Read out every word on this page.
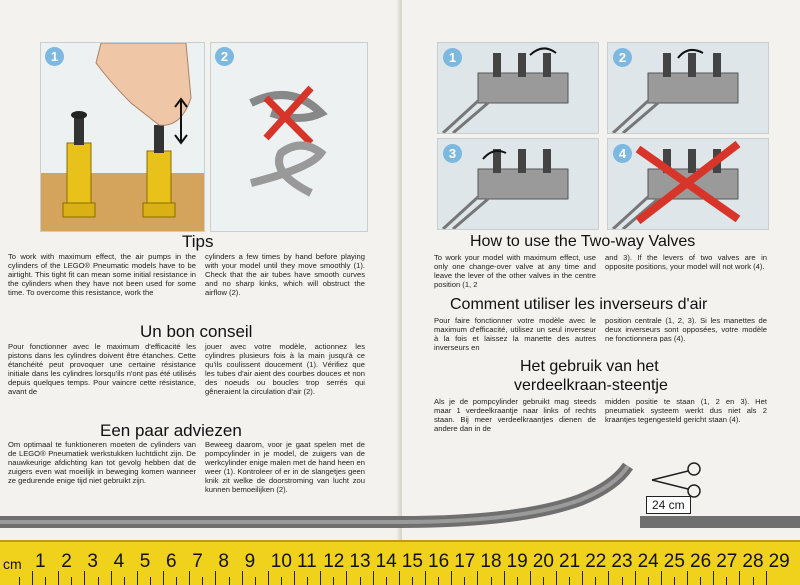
1	2
Tips

To work with maximum effect, the air pumps in the cylinders of the LEGO® Pneumatic models have to be airtight. This tight fit can mean some initial resistance in the cylinders when they have not been used for some time. To overcome this resistance, work the

cylinders a few times by hand before playing with your model until they move smoothly (1). Check that the air tubes have smooth curves and no sharp kinks, which will obstruct the airflow (2).

Un bon conseil

Pour fonctionner avec le maximum d'efficacité les pistons dans les cylindres doivent être étanches. Cette étanchéité peut provoquer une certaine résistance initiale dans les cylindres lorsqu'ils n'ont pas été utilisés depuis quelques temps. Pour vaincre cette résistance, avant de

jouer avec votre modèle, actionnez les cylindres plusieurs fois à la main jusqu'à ce qu'ils coulissent doucement (1). Vérifiez que les tubes d'air aient des courbes douces et non des noeuds ou boucles trop serrés qui gêneraient la circulation d'air (2).

Een paar adviezen

Om optimaal te funktioneren moeten de cylinders van de LEGO® Pneumatiek werkstukken luchtdicht zijn. De nauwkeurige afdichting kan tot gevolg hebben dat de zuigers even wat moeilijk in beweging komen wanneer ze gedurende enige tijd niet gebruikt zijn.

Beweeg daarom, voor je gaat spelen met de pompcylinder in je model, de zuigers van de werkcylinder enige malen met de hand heen en weer (1). Kontroleer of er in de slangetjes geen knik zit welke de doorstroming van lucht zou kunnen bemoeilijken (2).

1	2
3	4
How to use the Two-way Valves

To work your model with maximum effect, use only one change-over valve at any time and leave the lever of the other valves in the centre position (1, 2

and 3). If the levers of two valves are in opposite positions, your model will not work (4).

Comment utiliser les inverseurs d'air

Pour faire fonctionner votre modèle avec le maximum d'efficacité, utilisez un seul inverseur à la fois et laissez la manette des autres inverseurs en

position centrale (1, 2, 3). Si les manettes de deux inverseurs sont opposées, votre modèle ne fonctionnera pas (4).

Het gebruik van het
verdeelkraan-steentje

Als je de pompcylinder gebruikt mag steeds maar 1 verdeelkraantje naar links of rechts staan. Bij meer verdeelkraantjes dienen de andere dan in de

midden positie te staan (1, 2 en 3). Het pneumatiek systeem werkt dus niet als 2 kraantjes tegengesteld gericht staan (4).

24 cm
cm 1 2 3 4 5 6 7 8 9 10 11 12 13 14 15 16 17 18 19 20 21 22 23 24 25 26 27 28 29
